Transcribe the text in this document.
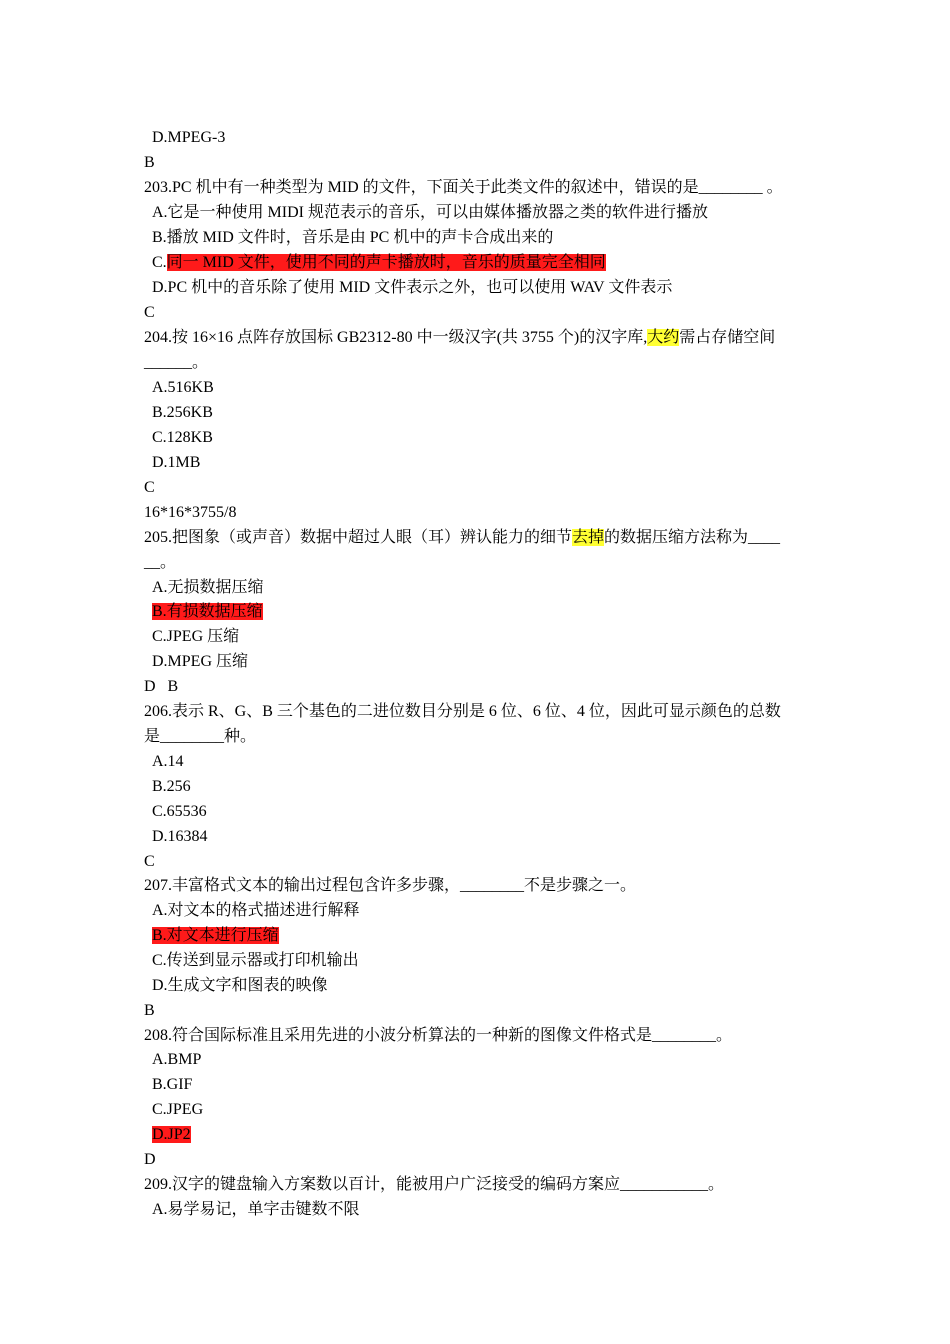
D.MPEG-3
B
203.PC 机中有一种类型为 MID 的文件，下面关于此类文件的叙述中，错误的是________ 。
A.它是一种使用 MIDI 规范表示的音乐，可以由媒体播放器之类的软件进行播放
B.播放 MID 文件时，音乐是由 PC 机中的声卡合成出来的
C.同一 MID 文件，使用不同的声卡播放时，音乐的质量完全相同
D.PC 机中的音乐除了使用 MID 文件表示之外，也可以使用 WAV 文件表示
C
204.按 16×16 点阵存放国标 GB2312-80 中一级汉字(共 3755 个)的汉字库,大约需占存储空间
______。
A.516KB
B.256KB
C.128KB
D.1MB
C
16*16*3755/8
205.把图象（或声音）数据中超过人眼（耳）辨认能力的细节去掉的数据压缩方法称为____
__。
A.无损数据压缩
B.有损数据压缩
C.JPEG 压缩
D.MPEG 压缩
D   B
206.表示 R、G、B 三个基色的二进位数目分别是 6 位、6 位、4 位，因此可显示颜色的总数
是________种。
A.14
B.256
C.65536
D.16384
C
207.丰富格式文本的输出过程包含许多步骤，________不是步骤之一。
A.对文本的格式描述进行解释
B.对文本进行压缩
C.传送到显示器或打印机输出
D.生成文字和图表的映像
B
208.符合国际标准且采用先进的小波分析算法的一种新的图像文件格式是________。
A.BMP
B.GIF
C.JPEG
D.JP2
D
209.汉字的键盘输入方案数以百计，能被用户广泛接受的编码方案应___________。
A.易学易记，单字击键数不限
